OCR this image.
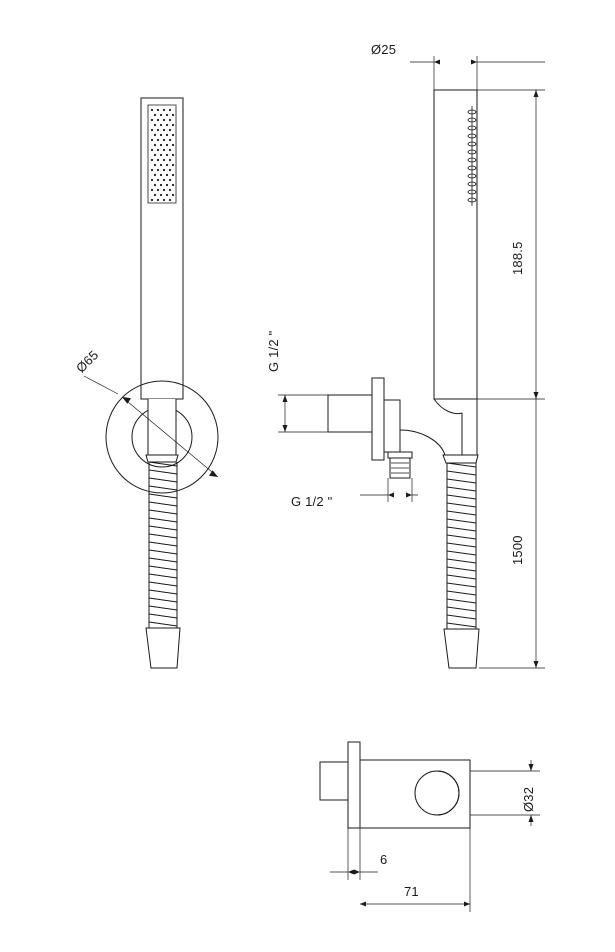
Ø25
188.5
1500
Ø65	G 1/2 "
G 1/2 "
Ø32
6
71
